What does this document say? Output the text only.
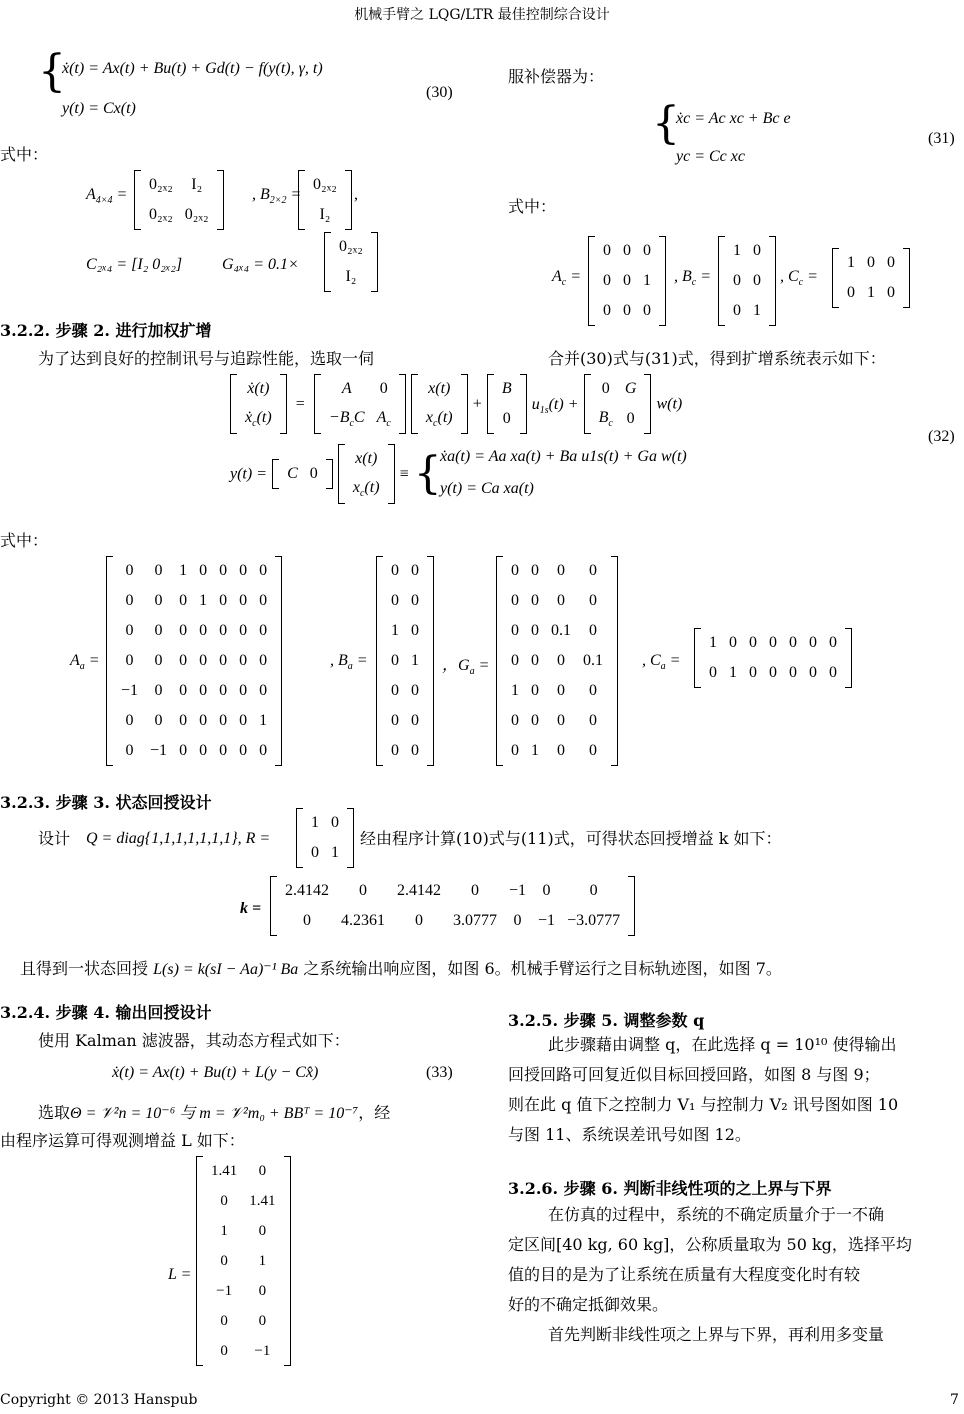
机械手臂之 LQG/LTR 最佳控制综合设计
{
ẋ(t) = Ax(t) + Bu(t) + Gd(t) − f(y(t), γ, t)
y(t) = Cx(t)
(30)
式中：
$A_{4\times 4}$ =
0₂ₓ₂	I₂
0₂ₓ₂	0₂ₓ₂
, $B_{2\times 2}$ =
0₂ₓ₂
I₂
,
C₂ₓ₄ = [I₂ 0₂ₓ₂] G₄ₓ₄ = 0.1×
0₂ₓ₂
I₂
服补偿器为：
{
ẋc = Ac xc + Bc e
yc = Cc xc
(31)
式中：
$A_c$ =
0	0	0
0	0	1
0	0	0
, $B_c$ =
1	0
0	0
0	1
, $C_c$ =
1	0	0
0	1	0
3.2.2. 步骤 2. 进行加权扩增
为了达到良好的控制讯号与追踪性能，选取一伺	合并(30)式与(31)式，得到扩增系统表示如下：
ẋ(t)
ẋ$_c$(t)
=
A	0
$-B_cC$	$A_c$

x(t)
$x_c(t)$
+
B
0
$u_{1s}(t)$ +
0	G
$B_c$	0
w(t)
(32)
y(t) = C	0

x(t)
$x_c(t)$
≡ {
ẋa(t) = Aa xa(t) + Ba u1s(t) + Ga w(t)
y(t) = Ca xa(t)
式中：
$A_a$ =
0	0	1	0	0	0	0
0	0	0	1	0	0	0
0	0	0	0	0	0	0
0	0	0	0	0	0	0
−1	0	0	0	0	0	0
0	0	0	0	0	0	1
0	−1	0	0	0	0	0
, $B_a$ =
0	0
0	0
1	0
0	1
0	0
0	0
0	0
，$G_a$ =
0	0	0	0
0	0	0	0
0	0	0.1	0
0	0	0	0.1
1	0	0	0
0	0	0	0
0	1	0	0
, $C_a$ =
1	0	0	0	0	0	0
0	1	0	0	0	0	0
3.2.3. 步骤 3. 状态回授设计
设计 Q = diag{1,1,1,1,1,1,1}, R =
1	0
0	1
经由程序计算(10)式与(11)式，可得状态回授增益 k 如下：
k =
2.4142	0	2.4142	0	−1	0	0
0	4.2361	0	3.0777	0	−1	−3.0777
且得到一状态回授 L(s) = k(sI − Aa)⁻¹ Ba 之系统输出响应图，如图 6。机械手臂运行之目标轨迹图，如图 7。
3.2.4. 步骤 4. 输出回授设计
使用 Kalman 滤波器，其动态方程式如下：
ẋ(t) = Ax(t) + Bu(t) + L(y − Cx̂)	(33)
选取Θ = 𝒱²n = 10⁻⁶ 与 m = 𝒱²m₀ + BBᵀ = 10⁻⁷，经
由程序运算可得观测增益 L 如下：
L =
1.41	0
0	1.41
1	0
0	1
−1	0
0	0
0	−1
3.2.5. 步骤 5. 调整参数 q
此步骤藉由调整 q，在此选择 q = 10¹⁰ 使得输出
回授回路可回复近似目标回授回路，如图 8 与图 9；
则在此 q 值下之控制力 V₁ 与控制力 V₂ 讯号图如图 10
与图 11、系统误差讯号如图 12。
3.2.6. 步骤 6. 判断非线性项的之上界与下界
在仿真的过程中，系统的不确定质量介于一不确
定区间[40 kg, 60 kg]，公称质量取为 50 kg，选择平均
值的目的是为了让系统在质量有大程度变化时有较
好的不确定抵御效果。
首先判断非线性项之上界与下界，再利用多变量
Copyright © 2013 Hanspub	7
